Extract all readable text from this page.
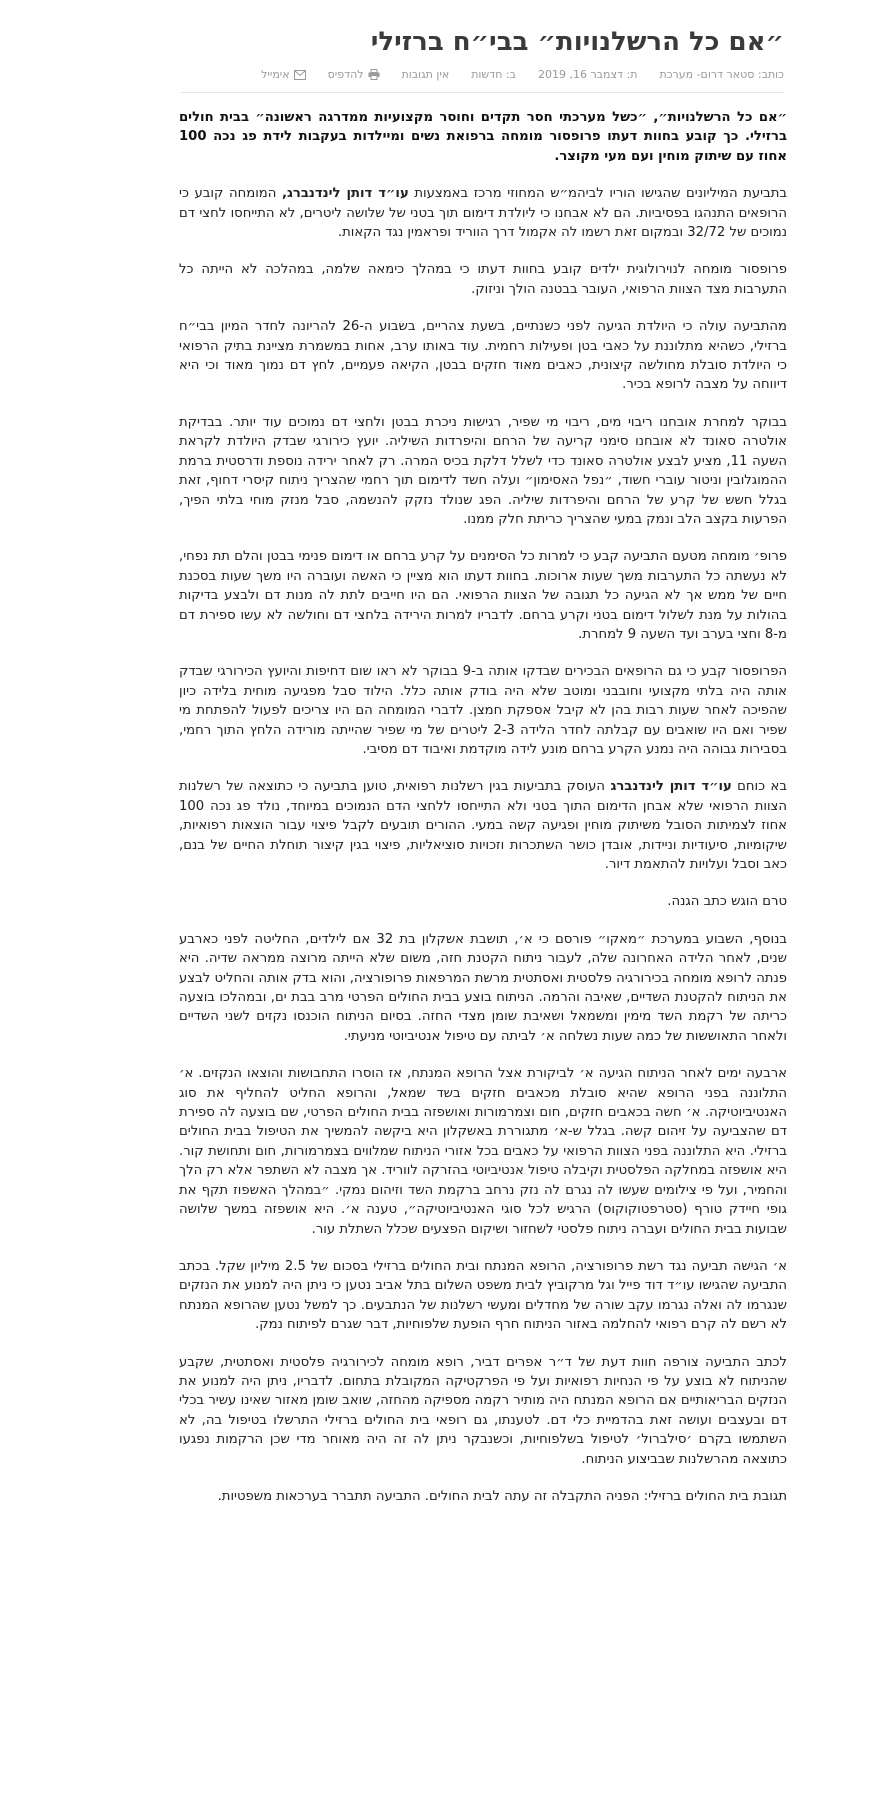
״אם כל הרשלנויות״ בבי״ח ברזילי
כותב: סטאר דרום- מערכת
ת: דצמבר 16, 2019
ב: חדשות
אין תגובות
להדפיס
אימייל

״אם כל הרשלנויות״, ״כשל מערכתי חסר תקדים וחוסר מקצועיות ממדרגה ראשונה״ בבית חולים ברזילי. כך קובע בחוות דעתו פרופסור מומחה ברפואת נשים ומיילדות בעקבות לידת פג נכה 100 אחוז עם שיתוק מוחין ועם מעי מקוצר.

בתביעת המיליונים שהגישו הוריו לביהמ״ש המחוזי מרכז באמצעות עו״ד דותן לינדנברג, המומחה קובע כי הרופאים התנהגו בפסיביות. הם לא אבחנו כי ליולדת דימום תוך בטני של שלושה ליטרים, לא התייחסו לחצי דם נמוכים של 32/72 ובמקום זאת רשמו לה אקמול דרך הווריד ופראמין נגד הקאות.

פרופסור מומחה לנוירולוגית ילדים קובע בחוות דעתו כי במהלך כימאה שלמה, במהלכה לא הייתה כל התערבות מצד הצוות הרפואי, העובר בבטנה הולך וניזוק.

מהתביעה עולה כי היולדת הגיעה לפני כשנתיים, בשעת צהריים, בשבוע ה-26 להריונה לחדר המיון בבי״ח ברזילי, כשהיא מתלוננת על כאבי בטן ופעילות רחמית. עוד באותו ערב, אחות במשמרת מציינת בתיק הרפואי כי היולדת סובלת מחולשה קיצונית, כאבים מאוד חזקים בבטן, הקיאה פעמיים, לחץ דם נמוך מאוד וכי היא דיווחה על מצבה לרופא בכיר.

בבוקר למחרת אובחנו ריבוי מים, ריבוי מי שפיר, רגישות ניכרת בבטן ולחצי דם נמוכים עוד יותר. בבדיקת אולטרה סאונד לא אובחנו סימני קריעה של הרחם והיפרדות השיליה. יועץ כירורגי שבדק היולדת לקראת השעה 11, מציע לבצע אולטרה סאונד כדי לשלל דלקת בכיס המרה. רק לאחר ירידה נוספת ודרסטית ברמת ההמוגלובין וניטור עוברי חשוד, ״נפל האסימון״ ועלה חשד לדימום תוך רחמי שהצריך ניתוח קיסרי דחוף, זאת בגלל חשש של קרע של הרחם והיפרדות שיליה. הפג שנולד נזקק להנשמה, סבל מנזק מוחי בלתי הפיך, הפרעות בקצב הלב ונמק במעי שהצריך כריתת חלק ממנו.

פרופ׳ מומחה מטעם התביעה קבע כי למרות כל הסימנים על קרע ברחם או דימום פנימי בבטן והלם תת נפחי, לא נעשתה כל התערבות משך שעות ארוכות. בחוות דעתו הוא מציין כי האשה ועוברה היו משך שעות בסכנת חיים של ממש אך לא הגיעה כל תגובה של הצוות הרפואי. הם היו חייבים לתת לה מנות דם ולבצע בדיקות בהולות על מנת לשלול דימום בטני וקרע ברחם. לדבריו למרות הירידה בלחצי דם וחולשה לא עשו ספירת דם מ-8 וחצי בערב ועד השעה 9 למחרת.

הפרופסור קבע כי גם הרופאים הבכירים שבדקו אותה ב-9 בבוקר לא ראו שום דחיפות והיועץ הכירורגי שבדק אותה היה בלתי מקצועי וחובבני ומוטב שלא היה בודק אותה כלל. הילוד סבל מפגיעה מוחית בלידה כיון שהפיכה לאחר שעות רבות בהן לא קיבל אספקת חמצן. לדברי המומחה הם היו צריכים לפעול להפתחת מי שפיר ואם היו שואבים עם קבלתה לחדר הלידה 2-3 ליטרים של מי שפיר שהייתה מורידה הלחץ התוך רחמי, בסבירות גבוהה היה נמנע הקרע ברחם מונע לידה מוקדמת ואיבוד דם מסיבי.

בא כוחם עו״ד דותן לינדנברג העוסק בתביעות בגין רשלנות רפואית, טוען בתביעה כי כתוצאה של רשלנות הצוות הרפואי שלא אבחן הדימום התוך בטני ולא התייחסו ללחצי הדם הנמוכים במיוחד, נולד פג נכה 100 אחוז לצמיתות הסובל משיתוק מוחין ופגיעה קשה במעי. ההורים תובעים לקבל פיצוי עבור הוצאות רפואיות, שיקומיות, סיעודיות וניידות, אובדן כושר השתכרות וזכויות סוציאליות, פיצוי בגין קיצור תוחלת החיים של בנם, כאב וסבל ועלויות להתאמת דיור.

טרם הוגש כתב הגנה.

בנוסף, השבוע במערכת ״מאקו״ פורסם כי א׳, תושבת אשקלון בת 32 אם לילדים, החליטה לפני כארבע שנים, לאחר הלידה האחרונה שלה, לעבור ניתוח הקטנת חזה, משום שלא הייתה מרוצה ממראה שדיה. היא פנתה לרופא מומחה בכירורגיה פלסטית ואסתטית מרשת המרפאות פרופורציה, והוא בדק אותה והחליט לבצע את הניתוח להקטנת השדיים, שאיבה והרמה. הניתוח בוצע בבית החולים הפרטי מרב בבת ים, ובמהלכו בוצעה כריתה של רקמת השד מימין ומשמאל ושאיבת שומן מצדי החזה. בסיום הניתוח הוכנסו נקזים לשני השדיים ולאחר התאוששות של כמה שעות נשלחה א׳ לביתה עם טיפול אנטיביוטי מניעתי.

ארבעה ימים לאחר הניתוח הגיעה א׳ לביקורת אצל הרופא המנתח, אז הוסרו התחבושות והוצאו הנקזים. א׳ התלוננה בפני הרופא שהיא סובלת מכאבים חזקים בשד שמאל, והרופא החליט להחליף את סוג האנטיביוטיקה. א׳ חשה בכאבים חזקים, חום וצמרמורות ואושפזה בבית החולים הפרטי, שם בוצעה לה ספירת דם שהצביעה על זיהום קשה. בגלל ש-א׳ מתגוררת באשקלון היא ביקשה להמשיך את הטיפול בבית החולים ברזילי. היא התלוננה בפני הצוות הרפואי על כאבים בכל אזורי הניתוח שמלווים בצמרמורות, חום ותחושת קור. היא אושפזה במחלקה הפלסטית וקיבלה טיפול אנטיביוטי בהזרקה לווריד. אך מצבה לא השתפר אלא רק הלך והחמיר, ועל פי צילומים שעשו לה נגרם לה נזק נרחב ברקמת השד וזיהום נמקי. ״במהלך האשפוז תקף את גופי חיידק טורף (סטרפטוקוקוס) הרגיש לכל סוגי האנטיביוטיקה״, טענה א׳. היא אושפזה במשך שלושה שבועות בבית החולים ועברה ניתוח פלסטי לשחזור ושיקום הפצעים שכלל השתלת עור.

א׳ הגישה תביעה נגד רשת פרופורציה, הרופא המנתח ובית החולים ברזילי בסכום של 2.5 מיליון שקל. בכתב התביעה שהגישו עו״ד דוד פייל וגל מרקוביץ לבית משפט השלום בתל אביב נטען כי ניתן היה למנוע את הנזקים שנגרמו לה ואלה נגרמו עקב שורה של מחדלים ומעשי רשלנות של הנתבעים. כך למשל נטען שהרופא המנתח לא רשם לה קרם רפואי להחלמה באזור הניתוח חרף הופעת שלפוחיות, דבר שגרם לפיתוח נמק.

לכתב התביעה צורפה חוות דעת של ד״ר אפרים דביר, רופא מומחה לכירורגיה פלסטית ואסתטית, שקבע שהניתוח לא בוצע על פי הנחיות רפואיות ועל פי הפרקטיקה המקובלת בתחום. לדבריו, ניתן היה למנוע את הנזקים הבריאותיים אם הרופא המנתח היה מותיר רקמה מספיקה מהחזה, שואב שומן מאזור שאינו עשיר בכלי דם ובעצבים ועושה זאת בהדמיית כלי דם. לטענתו, גם רופאי בית החולים ברזילי התרשלו בטיפול בה, לא השתמשו בקרם ׳סילברול׳ לטיפול בשלפוחיות, וכשנבקר ניתן לה זה היה מאוחר מדי שכן הרקמות נפגעו כתוצאה מהרשלנות שבביצוע הניתוח.

תגובת בית החולים ברזילי: הפניה התקבלה זה עתה לבית החולים. התביעה תתברר בערכאות משפטיות.
